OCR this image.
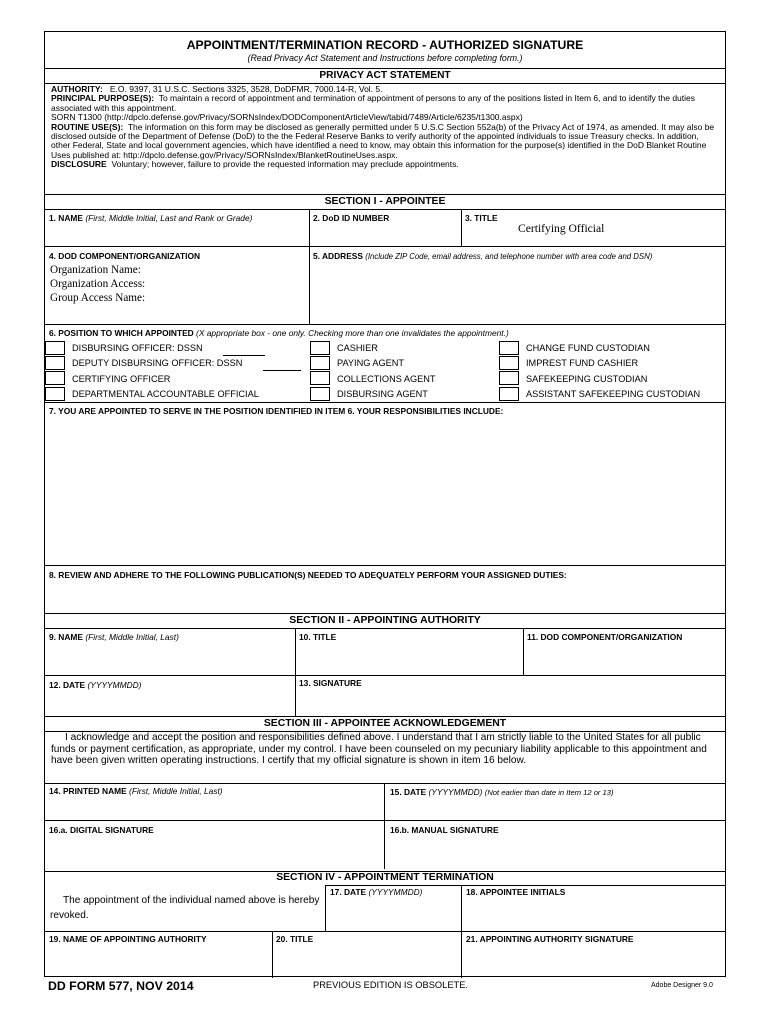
APPOINTMENT/TERMINATION RECORD - AUTHORIZED SIGNATURE
(Read Privacy Act Statement and Instructions before completing form.)
PRIVACY ACT STATEMENT
AUTHORITY: E.O. 9397, 31 U.S.C. Sections 3325, 3528, DoDFMR, 7000.14-R, Vol. 5.
PRINCIPAL PURPOSE(S): To maintain a record of appointment and termination of appointment of persons to any of the positions listed in Item 6, and to identify the duties associated with this appointment.
SORN T1300 (http://dpclo.defense.gov/Privacy/SORNsIndex/DODComponentArticleView/tabid/7489/Article/6235/t1300.aspx)
ROUTINE USE(S): The information on this form may be disclosed as generally permitted under 5 U.S.C Section 552a(b) of the Privacy Act of 1974, as amended. It may also be disclosed outside of the Department of Defense (DoD) to the the Federal Reserve Banks to verify authority of the appointed individuals to issue Treasury checks. In addition, other Federal, State and local government agencies, which have identified a need to know, may obtain this information for the purpose(s) identified in the DoD Blanket Routine Uses published at: http://dpclo.defense.gov/Privacy/SORNsIndex/BlanketRoutineUses.aspx.
DISCLOSURE Voluntary; however, failure to provide the requested information may preclude appointments.
SECTION I - APPOINTEE
1. NAME (First, Middle Initial, Last and Rank or Grade)	2. DoD ID NUMBER	3. TITLE
Certifying Official
4. DOD COMPONENT/ORGANIZATION
Organization Name:
Organization Access:
Group Access Name:
5. ADDRESS (Include ZIP Code, email address, and telephone number with area code and DSN)
6. POSITION TO WHICH APPOINTED (X appropriate box - one only. Checking more than one invalidates the appointment.)
DISBURSING OFFICER: DSSN
DEPUTY DISBURSING OFFICER: DSSN
CERTIFYING OFFICER
DEPARTMENTAL ACCOUNTABLE OFFICIAL
CASHIER
PAYING AGENT
COLLECTIONS AGENT
DISBURSING AGENT
CHANGE FUND CUSTODIAN
IMPREST FUND CASHIER
SAFEKEEPING CUSTODIAN
ASSISTANT SAFEKEEPING CUSTODIAN
7. YOU ARE APPOINTED TO SERVE IN THE POSITION IDENTIFIED IN ITEM 6. YOUR RESPONSIBILITIES INCLUDE:
8. REVIEW AND ADHERE TO THE FOLLOWING PUBLICATION(S) NEEDED TO ADEQUATELY PERFORM YOUR ASSIGNED DUTIES:
SECTION II - APPOINTING AUTHORITY
9. NAME (First, Middle Initial, Last)	10. TITLE	11. DOD COMPONENT/ORGANIZATION
12. DATE (YYYYMMDD)	13. SIGNATURE
SECTION III - APPOINTEE ACKNOWLEDGEMENT
I acknowledge and accept the position and responsibilities defined above. I understand that I am strictly liable to the United States for all public funds or payment certification, as appropriate, under my control. I have been counseled on my pecuniary liability applicable to this appointment and have been given written operating instructions. I certify that my official signature is shown in item 16 below.
14. PRINTED NAME (First, Middle Initial, Last)	15. DATE (YYYYMMDD) (Not earlier than date in Item 12 or 13)
16.a. DIGITAL SIGNATURE	16.b. MANUAL SIGNATURE
SECTION IV - APPOINTMENT TERMINATION
The appointment of the individual named above is hereby revoked.
17. DATE (YYYYMMDD)	18. APPOINTEE INITIALS
19. NAME OF APPOINTING AUTHORITY	20. TITLE	21. APPOINTING AUTHORITY SIGNATURE
DD FORM 577, NOV 2014	PREVIOUS EDITION IS OBSOLETE.	Adobe Designer 9.0
